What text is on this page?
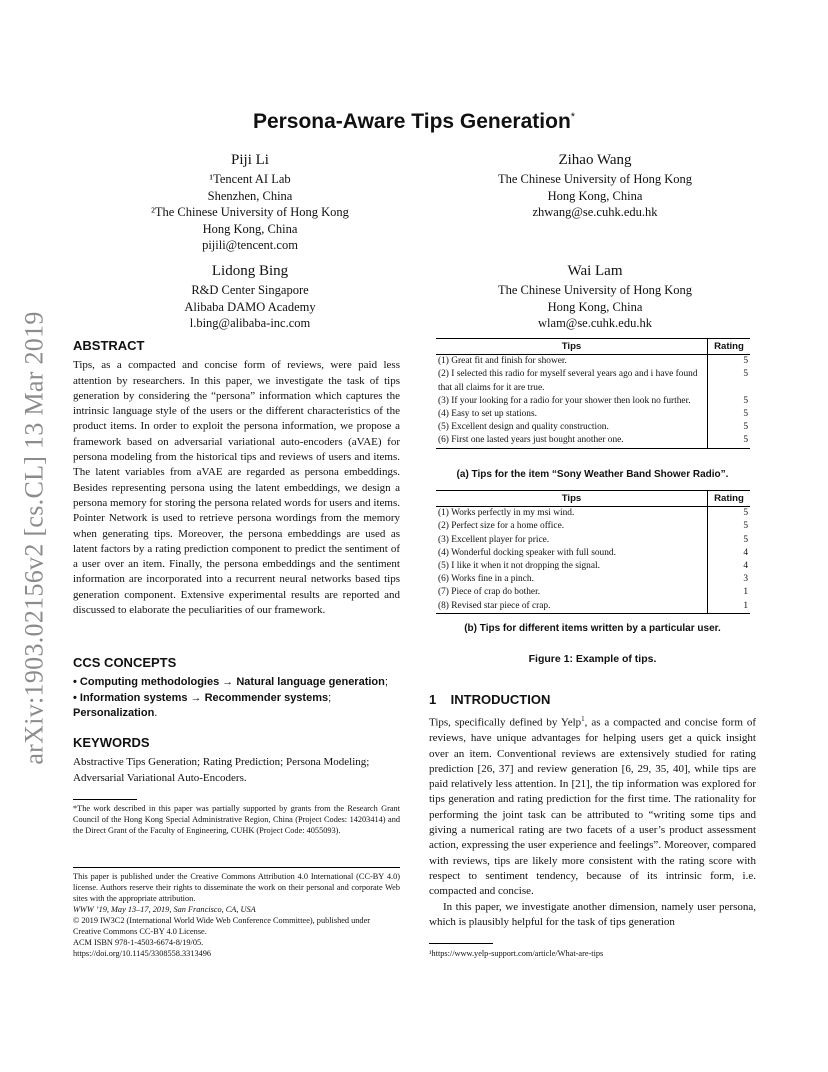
arXiv:1903.02156v2 [cs.CL] 13 Mar 2019
Persona-Aware Tips Generation*
Piji Li
¹Tencent AI Lab
Shenzhen, China
²The Chinese University of Hong Kong
Hong Kong, China
pijili@tencent.com
Zihao Wang
The Chinese University of Hong Kong
Hong Kong, China
zhwang@se.cuhk.edu.hk
Lidong Bing
R&D Center Singapore
Alibaba DAMO Academy
l.bing@alibaba-inc.com
Wai Lam
The Chinese University of Hong Kong
Hong Kong, China
wlam@se.cuhk.edu.hk
ABSTRACT
Tips, as a compacted and concise form of reviews, were paid less attention by researchers. In this paper, we investigate the task of tips generation by considering the “persona” information which captures the intrinsic language style of the users or the different characteristics of the product items. In order to exploit the persona information, we propose a framework based on adversarial variational auto-encoders (aVAE) for persona modeling from the historical tips and reviews of users and items. The latent variables from aVAE are regarded as persona embeddings. Besides representing persona using the latent embeddings, we design a persona memory for storing the persona related words for users and items. Pointer Network is used to retrieve persona wordings from the memory when generating tips. Moreover, the persona embeddings are used as latent factors by a rating prediction component to predict the sentiment of a user over an item. Finally, the persona embeddings and the sentiment information are incorporated into a recurrent neural networks based tips generation component. Extensive experimental results are reported and discussed to elaborate the peculiarities of our framework.
CCS CONCEPTS
• Computing methodologies → Natural language generation;
• Information systems → Recommender systems; Personalization.
KEYWORDS
Abstractive Tips Generation; Rating Prediction; Persona Modeling; Adversarial Variational Auto-Encoders.
*The work described in this paper was partially supported by grants from the Research Grant Council of the Hong Kong Special Administrative Region, China (Project Codes: 14203414) and the Direct Grant of the Faculty of Engineering, CUHK (Project Code: 4055093).
This paper is published under the Creative Commons Attribution 4.0 International (CC-BY 4.0) license. Authors reserve their rights to disseminate the work on their personal and corporate Web sites with the appropriate attribution.
WWW ’19, May 13–17, 2019, San Francisco, CA, USA
© 2019 IW3C2 (International World Wide Web Conference Committee), published under Creative Commons CC-BY 4.0 License.
ACM ISBN 978-1-4503-6674-8/19/05.
https://doi.org/10.1145/3308558.3313496
Tips	Rating
(1) Great fit and finish for shower.	5
(2) I selected this radio for myself several years ago and i have found that all claims for it are true.	5
(3) If your looking for a radio for your shower then look no further.	5
(4) Easy to set up stations.	5
(5) Excellent design and quality construction.	5
(6) First one lasted years just bought another one.	5
(a) Tips for the item “Sony Weather Band Shower Radio”.
Tips	Rating
(1) Works perfectly in my msi wind.	5
(2) Perfect size for a home office.	5
(3) Excellent player for price.	5
(4) Wonderful docking speaker with full sound.	4
(5) I like it when it not dropping the signal.	4
(6) Works fine in a pinch.	3
(7) Piece of crap do bother.	1
(8) Revised star piece of crap.	1
(b) Tips for different items written by a particular user.
Figure 1: Example of tips.
1    INTRODUCTION
Tips, specifically defined by Yelp$^1$, as a compacted and concise form of reviews, have unique advantages for helping users get a quick insight over an item. Conventional reviews are extensively studied for rating prediction [26, 37] and review generation [6, 29, 35, 40], while tips are paid relatively less attention. In [21], the tip information was explored for tips generation and rating prediction for the first time. The rationality for performing the joint task can be attributed to “writing some tips and giving a numerical rating are two facets of a user’s product assessment action, expressing the user experience and feelings”. Moreover, compared with reviews, tips are likely more consistent with the rating score with respect to sentiment tendency, because of its intrinsic form, i.e. compacted and concise.
In this paper, we investigate another dimension, namely user persona, which is plausibly helpful for the task of tips generation
¹https://www.yelp-support.com/article/What-are-tips
